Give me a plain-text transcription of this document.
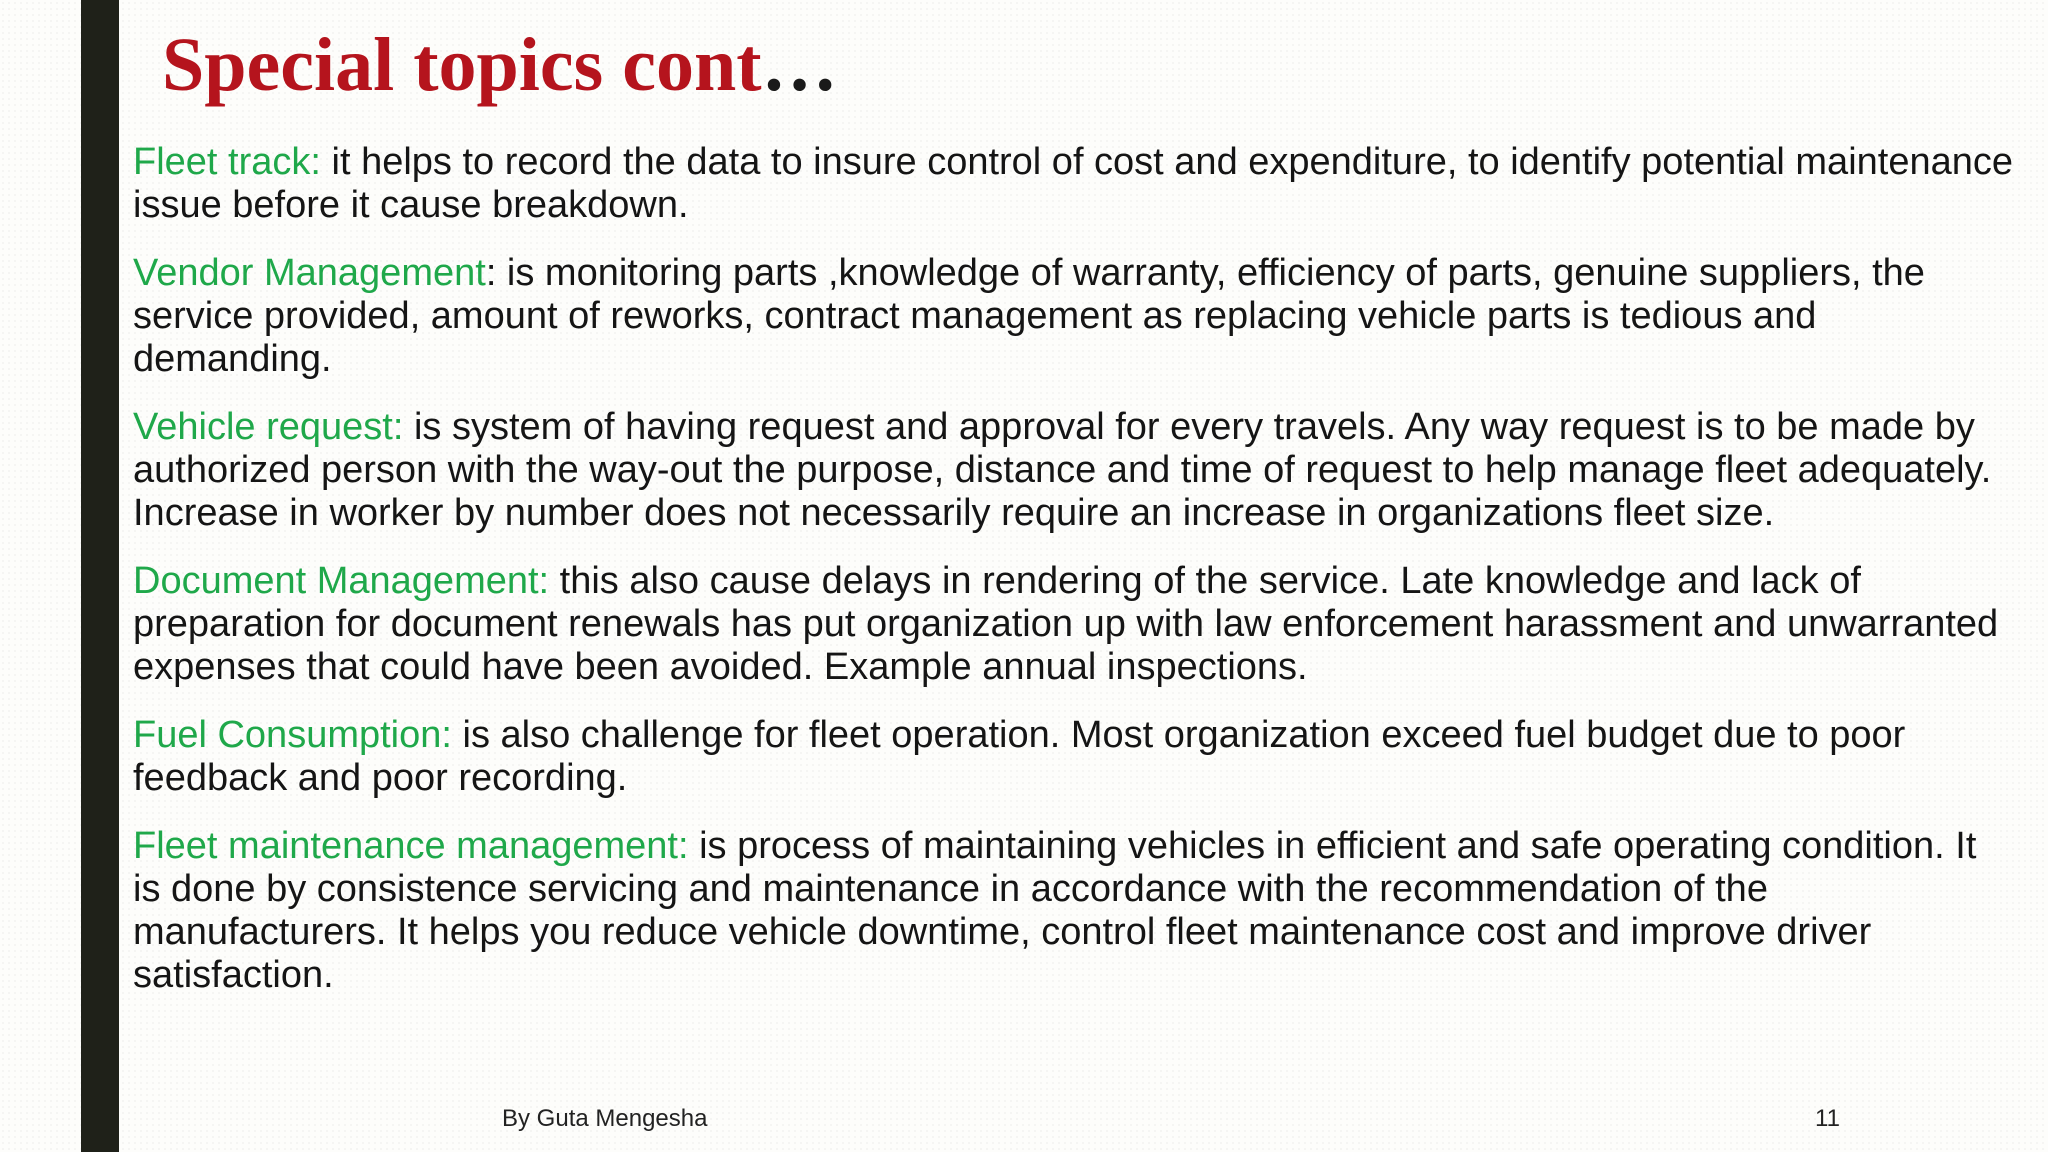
Special topics cont…

Fleet track: it helps to record the data to insure control of cost and expenditure, to identify potential maintenance issue before it cause breakdown.

Vendor Management: is monitoring parts ,knowledge of warranty, efficiency of parts, genuine suppliers, the service provided, amount of reworks, contract management as replacing vehicle parts is tedious and demanding.

Vehicle request: is system of having request and approval for every travels. Any way request is to be made by authorized person with the way-out the purpose, distance and time of request to help manage fleet adequately. Increase in worker by number does not necessarily require an increase in organizations fleet size.

Document Management: this also cause delays in rendering of the service. Late knowledge and lack of preparation for document renewals has put organization up with law enforcement harassment and unwarranted expenses that could have been avoided. Example annual inspections.

Fuel Consumption: is also challenge for fleet operation. Most organization exceed fuel budget due to poor feedback and poor recording.

Fleet maintenance management: is process of maintaining vehicles in efficient and safe operating condition. It is done by consistence servicing and maintenance in accordance with the recommendation of the manufacturers. It helps you reduce vehicle downtime, control fleet maintenance cost and improve driver satisfaction.

By Guta Mengesha	11
